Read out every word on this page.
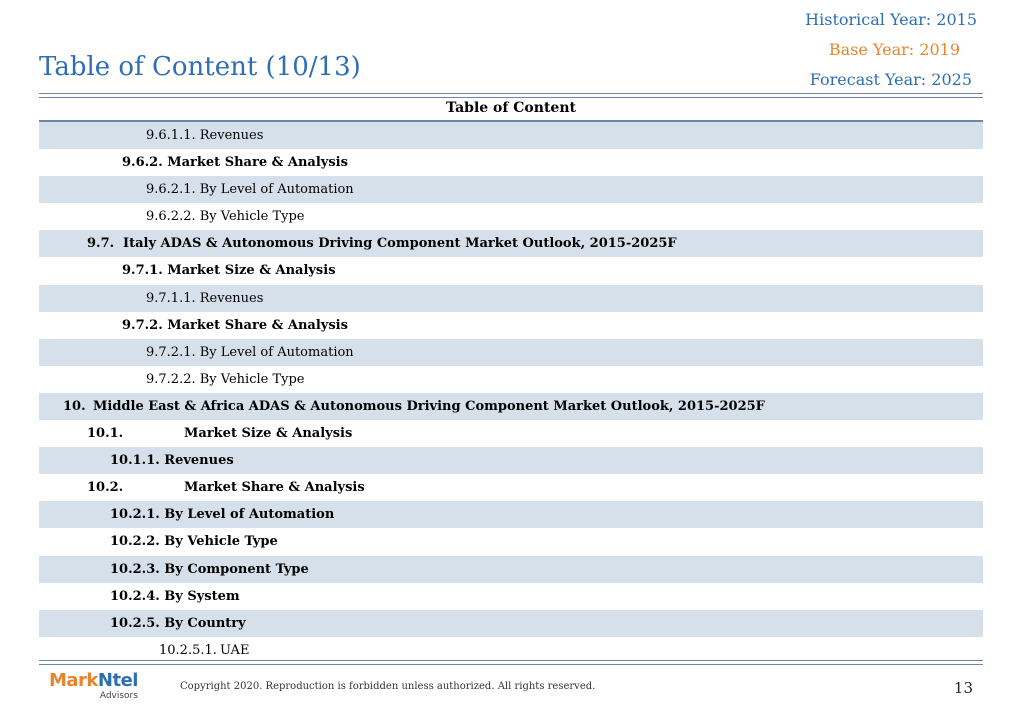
Historical Year: 2015
Base Year: 2019
Forecast Year: 2025
Table of Content (10/13)
Table of Content
9.6.1.1. Revenues
9.6.2. Market Share & Analysis
9.6.2.1. By Level of Automation
9.6.2.2. By Vehicle Type
9.7. Italy ADAS & Autonomous Driving Component Market Outlook, 2015-2025F
9.7.1. Market Size & Analysis
9.7.1.1. Revenues
9.7.2. Market Share & Analysis
9.7.2.1. By Level of Automation
9.7.2.2. By Vehicle Type
10. Middle East & Africa ADAS & Autonomous Driving Component Market Outlook, 2015-2025F
10.1.	Market Size & Analysis
10.1.1. Revenues
10.2.	Market Share & Analysis
10.2.1. By Level of Automation
10.2.2. By Vehicle Type
10.2.3. By Component Type
10.2.4. By System
10.2.5. By Country
10.2.5.1. UAE
MarkNtel
Advisors
Copyright 2020. Reproduction is forbidden unless authorized. All rights reserved.	13
